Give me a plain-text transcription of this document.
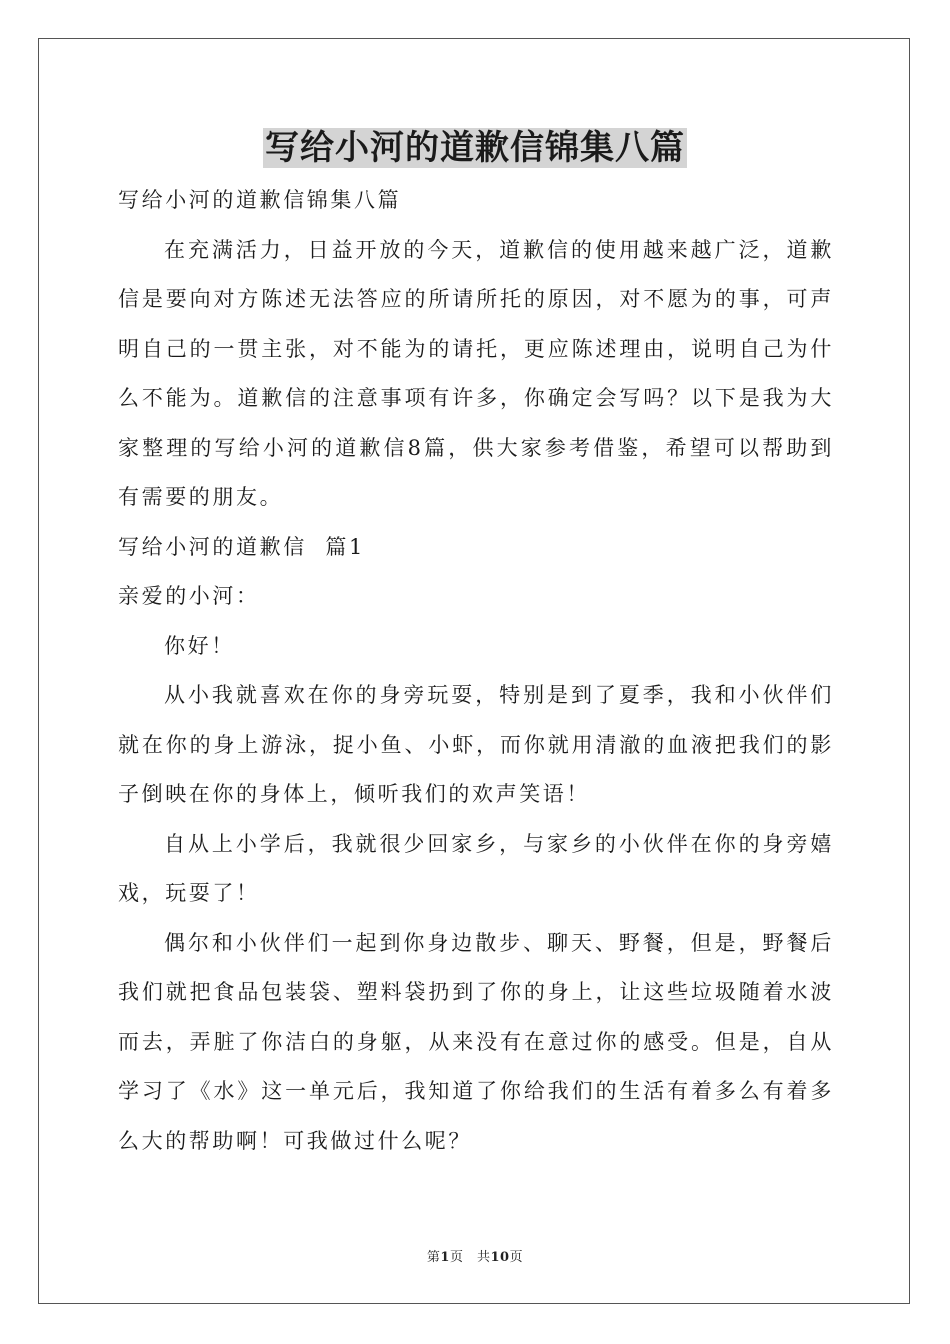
写给小河的道歉信锦集八篇

写给小河的道歉信锦集八篇

在充满活力，日益开放的今天，道歉信的使用越来越广泛，道歉信是要向对方陈述无法答应的所请所托的原因，对不愿为的事，可声明自己的一贯主张，对不能为的请托，更应陈述理由，说明自己为什么不能为。道歉信的注意事项有许多，你确定会写吗？以下是我为大家整理的写给小河的道歉信8篇，供大家参考借鉴，希望可以帮助到有需要的朋友。

写给小河的道歉信  篇1

亲爱的小河：

你好！

从小我就喜欢在你的身旁玩耍，特别是到了夏季，我和小伙伴们就在你的身上游泳，捉小鱼、小虾，而你就用清澈的血液把我们的影子倒映在你的身体上，倾听我们的欢声笑语！

自从上小学后，我就很少回家乡，与家乡的小伙伴在你的身旁嬉戏，玩耍了！

偶尔和小伙伴们一起到你身边散步、聊天、野餐，但是，野餐后我们就把食品包装袋、塑料袋扔到了你的身上，让这些垃圾随着水波而去，弄脏了你洁白的身躯，从来没有在意过你的感受。但是，自从学习了《水》这一单元后，我知道了你给我们的生活有着多么有着多么大的帮助啊！可我做过什么呢？

第1页　共10页
